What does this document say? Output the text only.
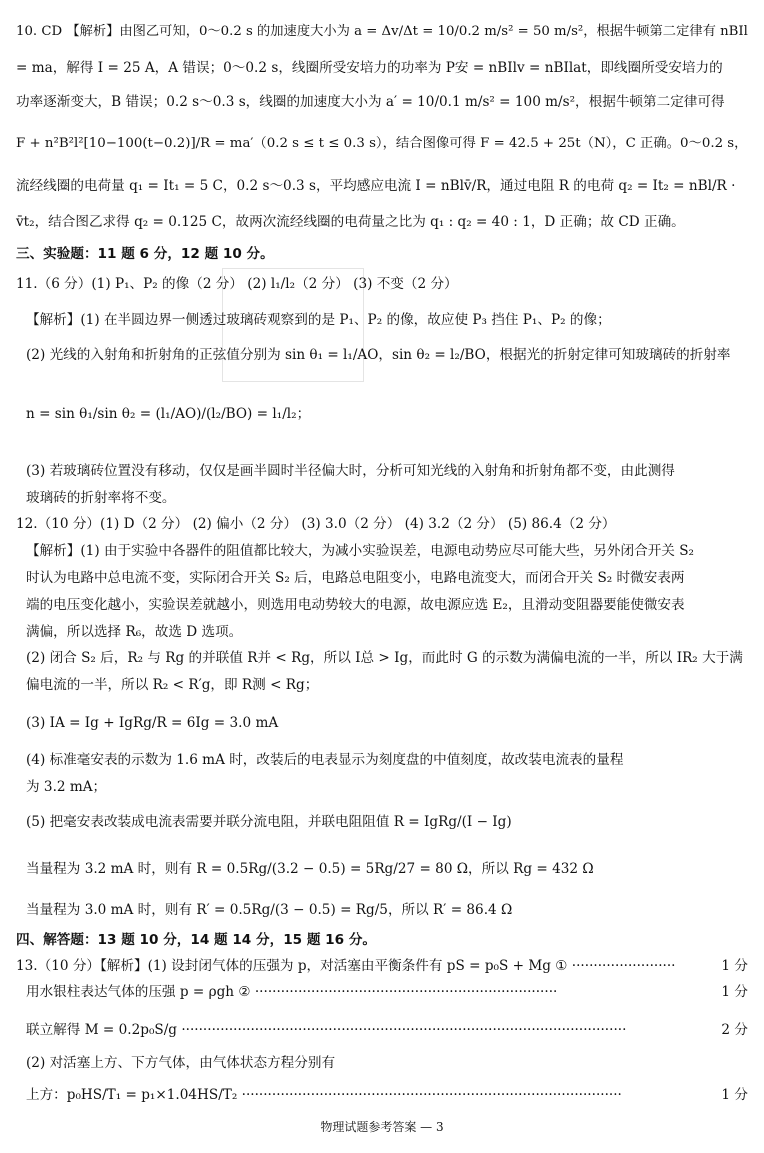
三、实验题：11 题 6 分，12 题 10 分。
四、解答题：13 题 10 分，14 题 14 分，15 题 16 分。
10. CD 【解析】由图乙可知，0～0.2 s 的加速度大小为 a = Δv/Δt = 10/0.2 m/s² = 50 m/s²，根据牛顿第二定律有 nBIl
= ma，解得 I = 25 A，A 错误；0～0.2 s，线圈所受安培力的功率为 P安 = nBIlv = nBIlat，即线圈所受安培力的
功率逐渐变大，B 错误；0.2 s～0.3 s，线圈的加速度大小为 a′ = 10/0.1 m/s² = 100 m/s²，根据牛顿第二定律可得
F + n²B²l²[10−100(t−0.2)]/R = ma′（0.2 s ≤ t ≤ 0.3 s），结合图像可得 F = 42.5 + 25t（N），C 正确。0～0.2 s，
流经线圈的电荷量 q₁ = It₁ = 5 C，0.2 s～0.3 s，平均感应电流 I = nBlv̄/R，通过电阻 R 的电荷 q₂ = It₂ = nBl/R ·
v̄t₂，结合图乙求得 q₂ = 0.125 C，故两次流经线圈的电荷量之比为 q₁ : q₂ = 40 : 1，D 正确；故 CD 正确。
11.（6 分）(1) P₁、P₂ 的像（2 分） (2) l₁/l₂（2 分） (3) 不变（2 分）
【解析】(1) 在半圆边界一侧透过玻璃砖观察到的是 P₁、P₂ 的像，故应使 P₃ 挡住 P₁、P₂ 的像；
(2) 光线的入射角和折射角的正弦值分别为 sin θ₁ = l₁/AO，sin θ₂ = l₂/BO，根据光的折射定律可知玻璃砖的折射率
n = sin θ₁/sin θ₂ = (l₁/AO)/(l₂/BO) = l₁/l₂；
(3) 若玻璃砖位置没有移动，仅仅是画半圆时半径偏大时，分析可知光线的入射角和折射角都不变，由此测得
玻璃砖的折射率将不变。
12.（10 分）(1) D（2 分） (2) 偏小（2 分） (3) 3.0（2 分） (4) 3.2（2 分） (5) 86.4（2 分）
【解析】(1) 由于实验中各器件的阻值都比较大，为减小实验误差，电源电动势应尽可能大些，另外闭合开关 S₂
时认为电路中总电流不变，实际闭合开关 S₂ 后，电路总电阻变小，电路电流变大，而闭合开关 S₂ 时微安表两
端的电压变化越小，实验误差就越小，则选用电动势较大的电源，故电源应选 E₂，且滑动变阻器要能使微安表
满偏，所以选择 R₆，故选 D 选项。
(2) 闭合 S₂ 后，R₂ 与 Rg 的并联值 R并 < Rg，所以 I总 > Ig，而此时 G 的示数为满偏电流的一半，所以 IR₂ 大于满
偏电流的一半，所以 R₂ < R′g，即 R测 < Rg；
(3) IA = Ig + IgRg/R = 6Ig = 3.0 mA
(4) 标准毫安表的示数为 1.6 mA 时，改装后的电表显示为刻度盘的中值刻度，故改装电流表的量程
为 3.2 mA；
(5) 把毫安表改装成电流表需要并联分流电阻，并联电阻阻值 R = IgRg/(I − Ig)
当量程为 3.2 mA 时，则有 R = 0.5Rg/(3.2 − 0.5) = 5Rg/27 = 80 Ω，所以 Rg = 432 Ω
当量程为 3.0 mA 时，则有 R′ = 0.5Rg/(3 − 0.5) = Rg/5，所以 R′ = 86.4 Ω
13.（10 分）【解析】(1) 设封闭气体的压强为 p，对活塞由平衡条件有 pS = p₀S + Mg ① ························
用水银柱表达气体的压强 p = ρgh ② ······································································
联立解得 M = 0.2p₀S/g ·······································································································
(2) 对活塞上方、下方气体，由气体状态方程分别有
上方：p₀HS/T₁ = p₁×1.04HS/T₂ ························································································
1 分
1 分
2 分
1 分
物理试题参考答案 — 3
